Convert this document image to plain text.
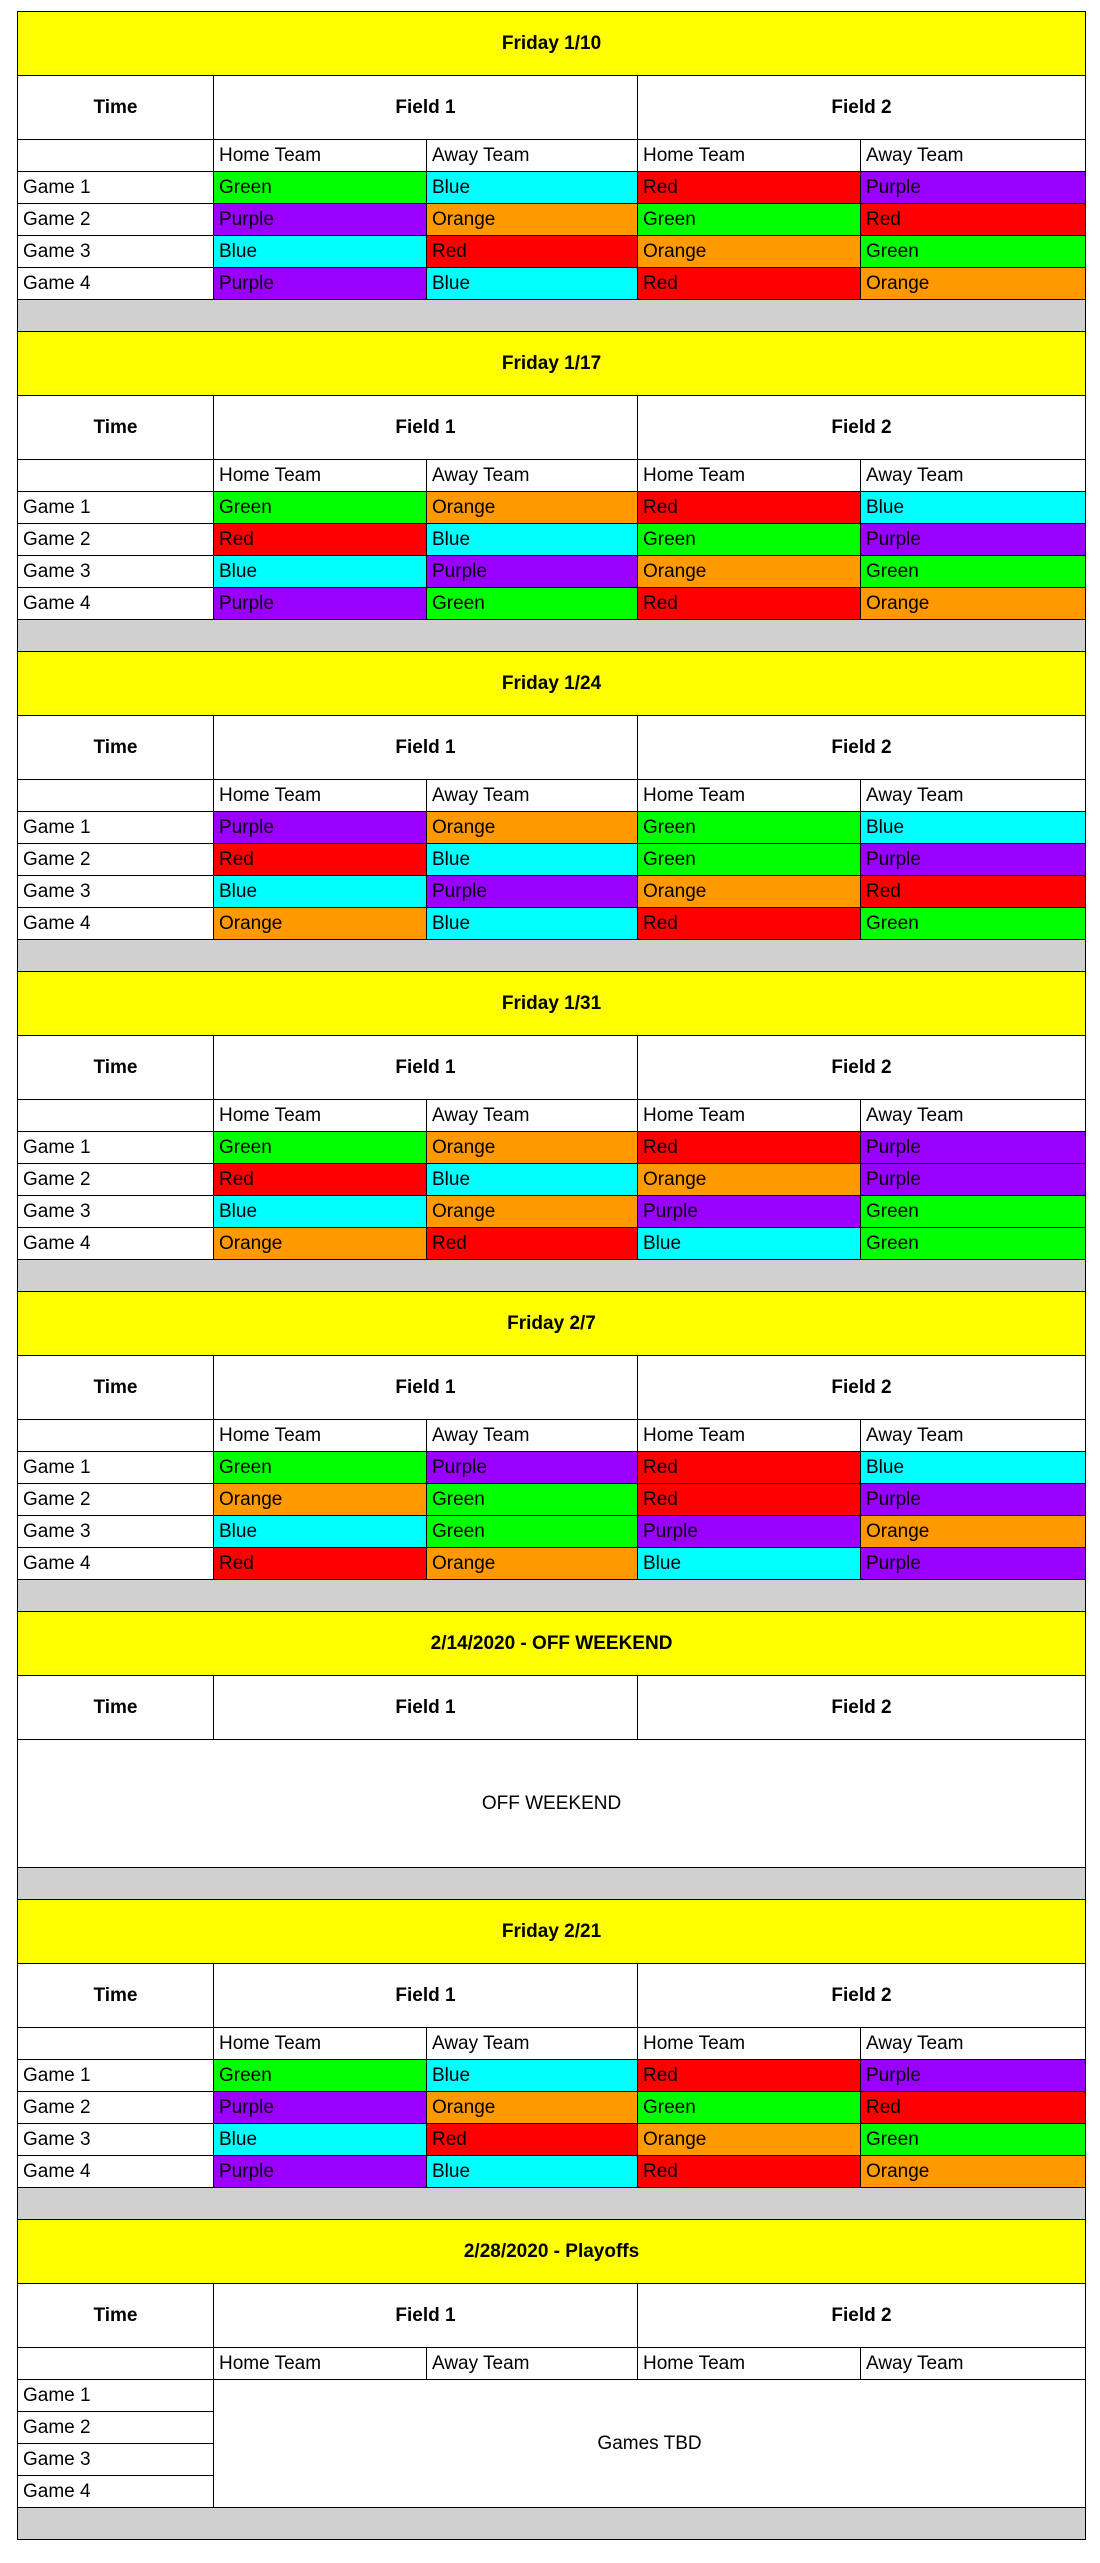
Friday 1/10				
Time	Field 1		Field 2	
	Home Team	Away Team	Home Team	Away Team
Game 1	Green	Blue	Red	Purple
Game 2	Purple	Orange	Green	Red
Game 3	Blue	Red	Orange	Green
Game 4	Purple	Blue	Red	Orange

Friday 1/17				
Time	Field 1		Field 2	
	Home Team	Away Team	Home Team	Away Team
Game 1	Green	Orange	Red	Blue
Game 2	Red	Blue	Green	Purple
Game 3	Blue	Purple	Orange	Green
Game 4	Purple	Green	Red	Orange

Friday 1/24				
Time	Field 1		Field 2	
	Home Team	Away Team	Home Team	Away Team
Game 1	Purple	Orange	Green	Blue
Game 2	Red	Blue	Green	Purple
Game 3	Blue	Purple	Orange	Red
Game 4	Orange	Blue	Red	Green

Friday 1/31				
Time	Field 1		Field 2	
	Home Team	Away Team	Home Team	Away Team
Game 1	Green	Orange	Red	Purple
Game 2	Red	Blue	Orange	Purple
Game 3	Blue	Orange	Purple	Green
Game 4	Orange	Red	Blue	Green

Friday 2/7				
Time	Field 1		Field 2	
	Home Team	Away Team	Home Team	Away Team
Game 1	Green	Purple	Red	Blue
Game 2	Orange	Green	Red	Purple
Game 3	Blue	Green	Purple	Orange
Game 4	Red	Orange	Blue	Purple

2/14/2020 - OFF WEEKEND				
Time	Field 1		Field 2	
OFF WEEKEND				

Friday 2/21				
Time	Field 1		Field 2	
	Home Team	Away Team	Home Team	Away Team
Game 1	Green	Blue	Red	Purple
Game 2	Purple	Orange	Green	Red
Game 3	Blue	Red	Orange	Green
Game 4	Purple	Blue	Red	Orange

2/28/2020 - Playoffs				
Time	Field 1		Field 2	
	Home Team	Away Team	Home Team	Away Team
Game 1	Games TBD			
Game 2				
Game 3				
Game 4				
